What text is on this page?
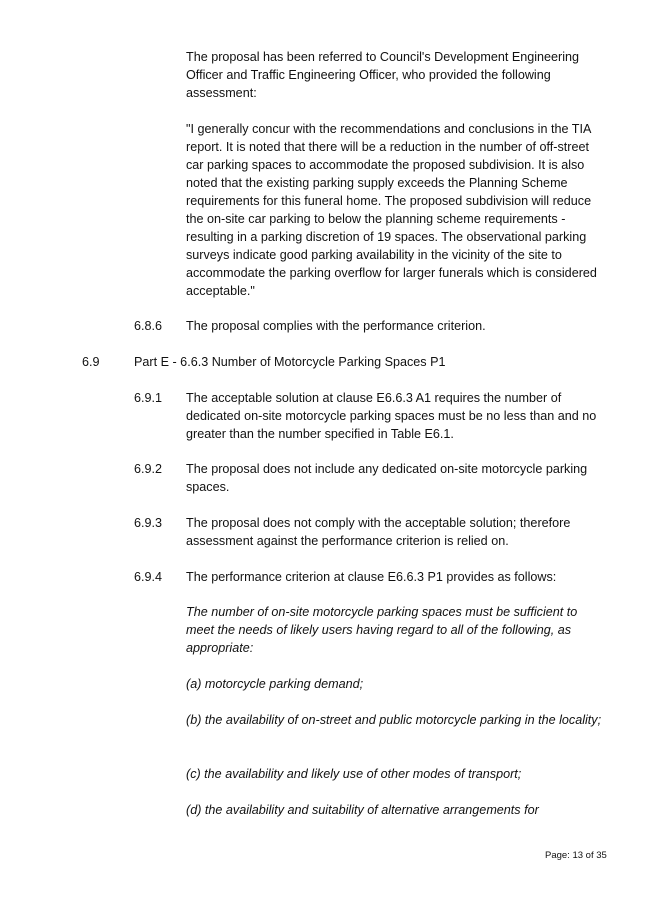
The proposal has been referred to Council's Development Engineering Officer and Traffic Engineering Officer, who provided the following assessment:

"I generally concur with the recommendations and conclusions in the TIA report. It is noted that there will be a reduction in the number of off-street car parking spaces to accommodate the proposed subdivision. It is also noted that the existing parking supply exceeds the Planning Scheme requirements for this funeral home. The proposed subdivision will reduce the on-site car parking to below the planning scheme requirements - resulting in a parking discretion of 19 spaces. The observational parking surveys indicate good parking availability in the vicinity of the site to accommodate the parking overflow for larger funerals which is considered acceptable."

6.8.6 The proposal complies with the performance criterion.

6.9	Part E - 6.6.3 Number of Motorcycle Parking Spaces P1

6.9.1 The acceptable solution at clause E6.6.3 A1 requires the number of dedicated on-site motorcycle parking spaces must be no less than and no greater than the number specified in Table E6.1.

6.9.2 The proposal does not include any dedicated on-site motorcycle parking spaces.

6.9.3 The proposal does not comply with the acceptable solution; therefore assessment against the performance criterion is relied on.

6.9.4 The performance criterion at clause E6.6.3 P1 provides as follows:

The number of on-site motorcycle parking spaces must be sufficient to meet the needs of likely users having regard to all of the following, as appropriate:

(a) motorcycle parking demand;

(b) the availability of on-street and public motorcycle parking in the locality;

(c) the availability and likely use of other modes of transport;

(d) the availability and suitability of alternative arrangements for

Page: 13 of 35
